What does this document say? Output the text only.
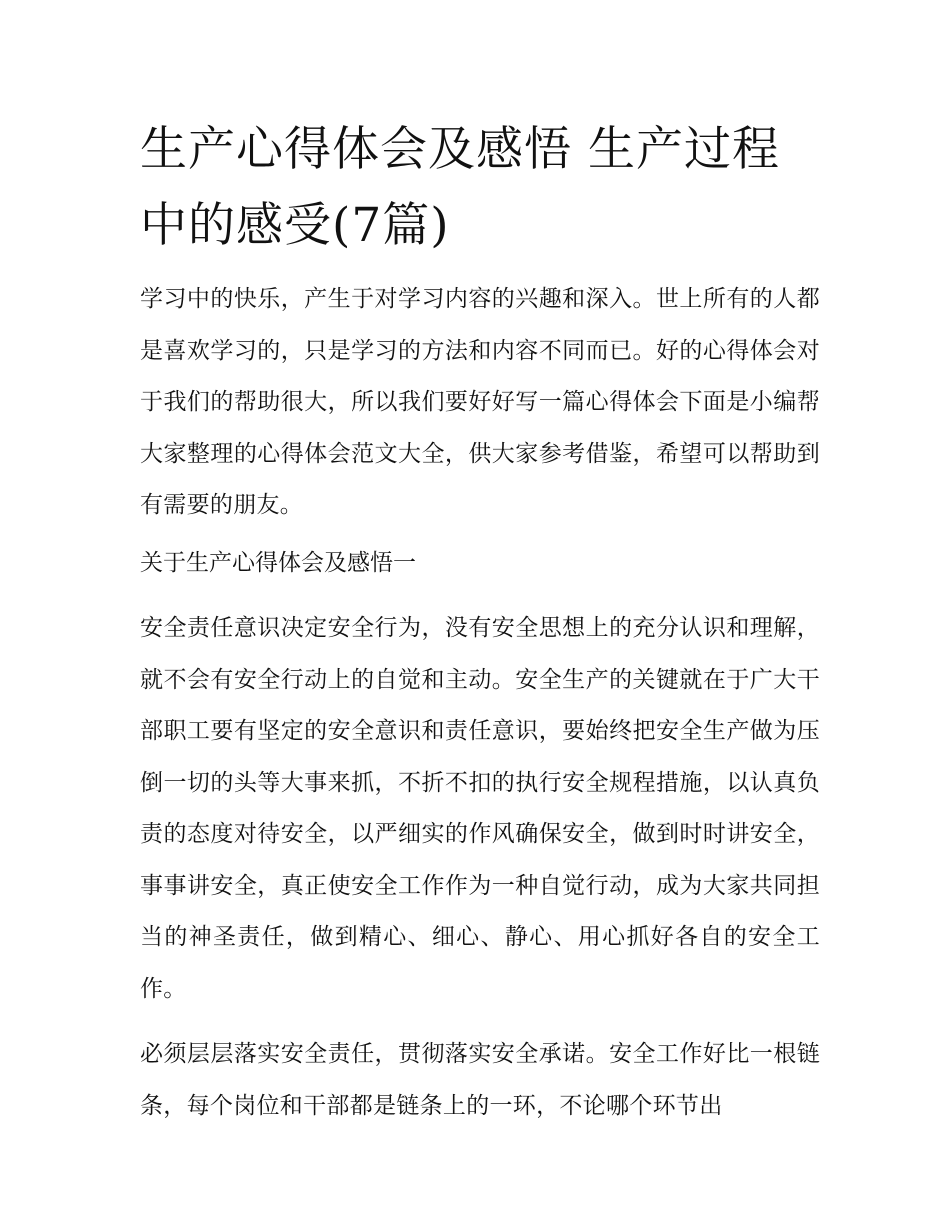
生产心得体会及感悟 生产过程中的感受(7篇)

学习中的快乐，产生于对学习内容的兴趣和深入。世上所有的人都是喜欢学习的，只是学习的方法和内容不同而已。好的心得体会对于我们的帮助很大，所以我们要好好写一篇心得体会下面是小编帮大家整理的心得体会范文大全，供大家参考借鉴，希望可以帮助到有需要的朋友。

关于生产心得体会及感悟一

安全责任意识决定安全行为，没有安全思想上的充分认识和理解，就不会有安全行动上的自觉和主动。安全生产的关键就在于广大干部职工要有坚定的安全意识和责任意识，要始终把安全生产做为压倒一切的头等大事来抓，不折不扣的执行安全规程措施，以认真负责的态度对待安全，以严细实的作风确保安全，做到时时讲安全，事事讲安全，真正使安全工作作为一种自觉行动，成为大家共同担当的神圣责任，做到精心、细心、静心、用心抓好各自的安全工作。

必须层层落实安全责任，贯彻落实安全承诺。安全工作好比一根链条，每个岗位和干部都是链条上的一环，不论哪个环节出
